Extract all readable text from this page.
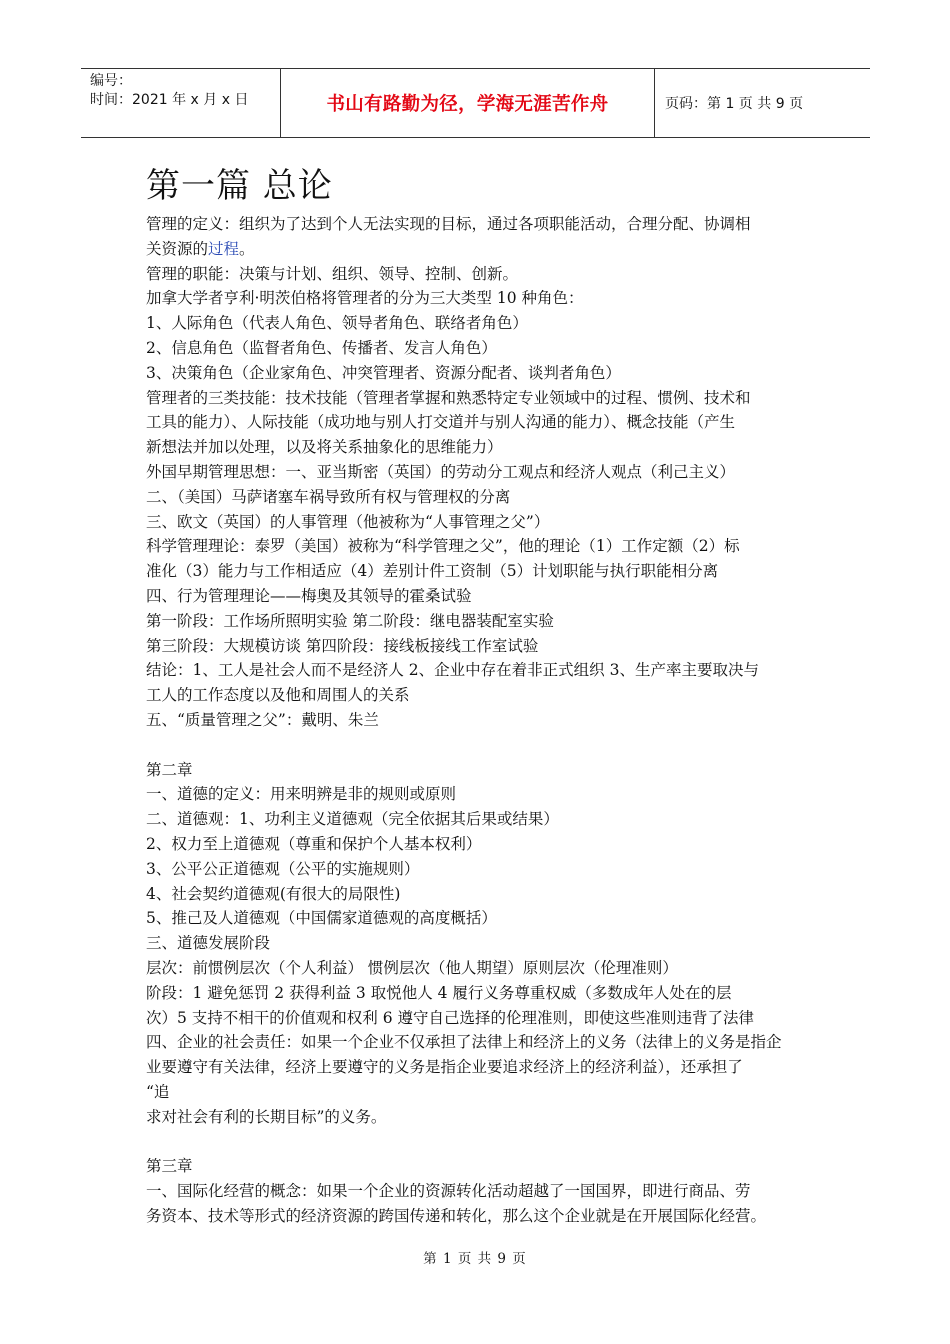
编号：
时间：2021 年 x 月 x 日	书山有路勤为径，学海无涯苦作舟	页码：第 1 页 共 9 页
第一篇 总论
管理的定义：组织为了达到个人无法实现的目标，通过各项职能活动，合理分配、协调相
关资源的过程。
管理的职能：决策与计划、组织、领导、控制、创新。
加拿大学者亨利·明茨伯格将管理者的分为三大类型 10 种角色：
1、人际角色（代表人角色、领导者角色、联络者角色）
2、信息角色（监督者角色、传播者、发言人角色）
3、决策角色（企业家角色、冲突管理者、资源分配者、谈判者角色）
管理者的三类技能：技术技能（管理者掌握和熟悉特定专业领域中的过程、惯例、技术和
工具的能力）、人际技能（成功地与别人打交道并与别人沟通的能力）、概念技能（产生
新想法并加以处理，以及将关系抽象化的思维能力）
外国早期管理思想：一、亚当斯密（英国）的劳动分工观点和经济人观点（利己主义）
二、（美国）马萨诸塞车祸导致所有权与管理权的分离
三、欧文（英国）的人事管理（他被称为“人事管理之父”）
科学管理理论：泰罗（美国）被称为“科学管理之父”，他的理论（1）工作定额（2）标
准化（3）能力与工作相适应（4）差别计件工资制（5）计划职能与执行职能相分离
四、行为管理理论——梅奥及其领导的霍桑试验
第一阶段：工作场所照明实验 第二阶段：继电器装配室实验
第三阶段：大规模访谈 第四阶段：接线板接线工作室试验
结论：1、工人是社会人而不是经济人 2、企业中存在着非正式组织 3、生产率主要取决与
工人的工作态度以及他和周围人的关系
五、“质量管理之父”：戴明、朱兰
第二章
一、道德的定义：用来明辨是非的规则或原则
二、道德观：1、功利主义道德观（完全依据其后果或结果）
2、权力至上道德观（尊重和保护个人基本权利）
3、公平公正道德观（公平的实施规则）
4、社会契约道德观(有很大的局限性)
5、推己及人道德观（中国儒家道德观的高度概括）
三、道德发展阶段
层次：前惯例层次（个人利益） 惯例层次（他人期望）原则层次（伦理准则）
阶段：1 避免惩罚 2 获得利益 3 取悦他人 4 履行义务尊重权威（多数成年人处在的层
次）5 支持不相干的价值观和权利 6 遵守自己选择的伦理准则，即使这些准则违背了法律
四、企业的社会责任：如果一个企业不仅承担了法律上和经济上的义务（法律上的义务是指企
业要遵守有关法律，经济上要遵守的义务是指企业要追求经济上的经济利益），还承担了
“追
求对社会有利的长期目标”的义务。
第三章
一、国际化经营的概念：如果一个企业的资源转化活动超越了一国国界，即进行商品、劳
务资本、技术等形式的经济资源的跨国传递和转化，那么这个企业就是在开展国际化经营。
第 1 页 共 9 页
